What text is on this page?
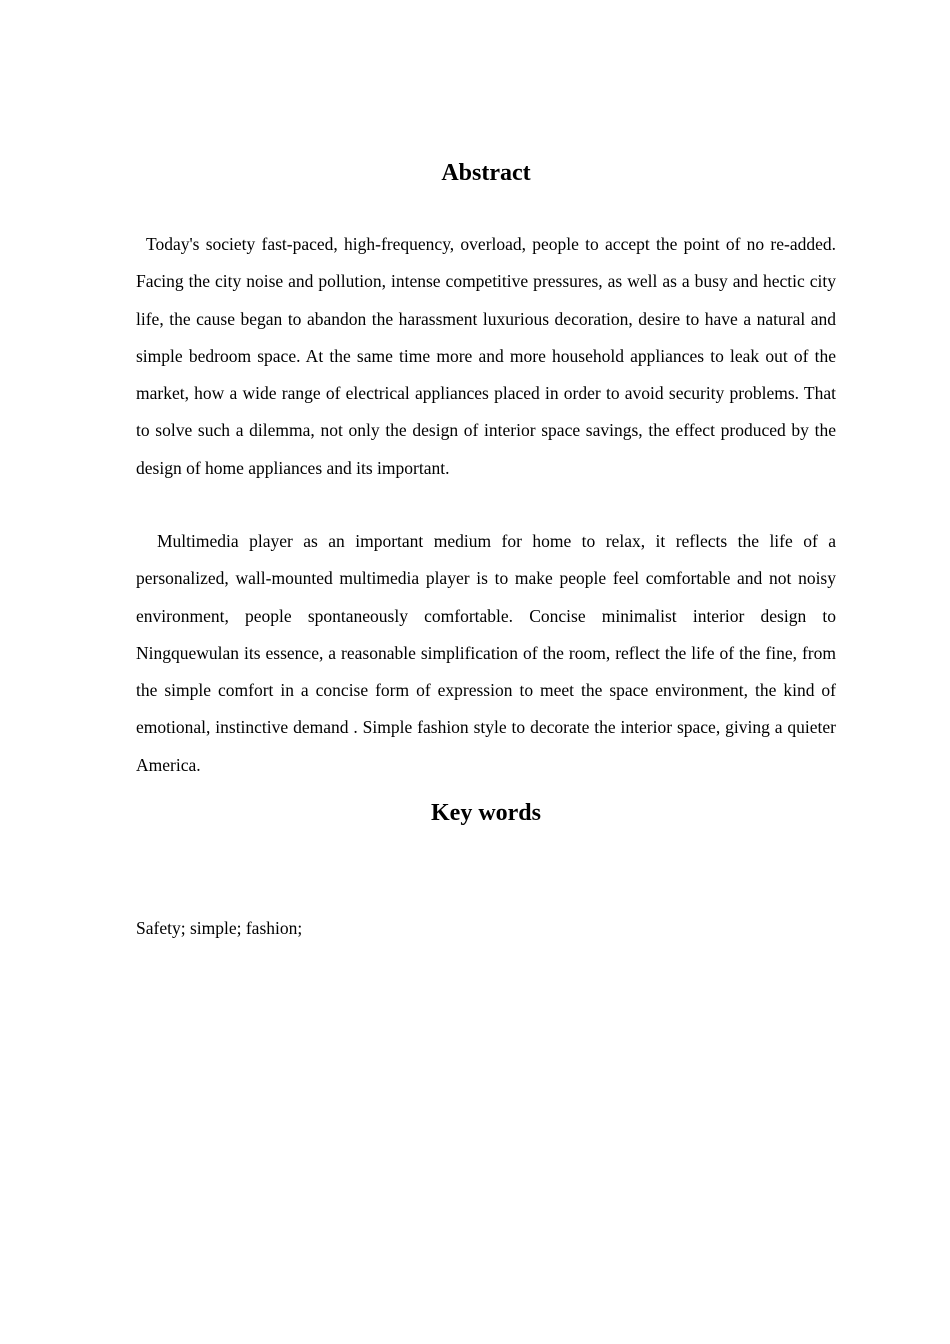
Abstract

Today's society fast-paced, high-frequency, overload, people to accept the point of no re-added. Facing the city noise and pollution, intense competitive pressures, as well as a busy and hectic city life, the cause began to abandon the harassment luxurious decoration, desire to have a natural and simple bedroom space. At the same time more and more household appliances to leak out of the market, how a wide range of electrical appliances placed in order to avoid security problems. That to solve such a dilemma, not only the design of interior space savings, the effect produced by the design of home appliances and its important.

Multimedia player as an important medium for home to relax, it reflects the life of a personalized, wall-mounted multimedia player is to make people feel comfortable and not noisy environment, people spontaneously comfortable. Concise minimalist interior design to Ningquewulan its essence, a reasonable simplification of the room, reflect the life of the fine, from the simple comfort in a concise form of expression to meet the space environment, the kind of emotional, instinctive demand . Simple fashion style to decorate the interior space, giving a quieter America.

Key words

Safety; simple; fashion;
